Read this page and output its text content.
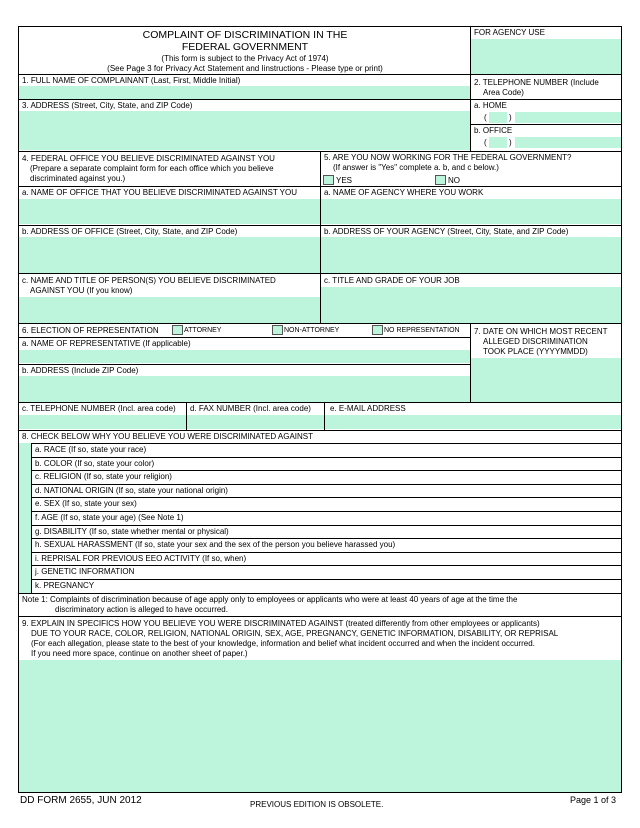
COMPLAINT OF DISCRIMINATION IN THE
FEDERAL GOVERNMENT
(This form is subject to the Privacy Act of 1974)
(See Page 3 for Privacy Act Statement and Iinstructions - Please type or print)
FOR AGENCY USE
1. FULL NAME OF COMPLAINANT (Last, First, Middle Initial)	2. TELEPHONE NUMBER (Include
Area Code)
a. HOME
(	)
b. OFFICE
(	)
3. ADDRESS (Street, City, State, and ZIP Code)
4. FEDERAL OFFICE YOU BELIEVE DISCRIMINATED AGAINST YOU
(Prepare a separate complaint form for each office which you believe
discriminated against you.)
5. ARE YOU NOW WORKING FOR THE FEDERAL GOVERNMENT?
(If answer is "Yes" complete a. b, and c below.)
YES	NO
a. NAME OF OFFICE THAT YOU BELIEVE DISCRIMINATED AGAINST YOU	a. NAME OF AGENCY WHERE YOU WORK
b. ADDRESS OF OFFICE (Street, City, State, and ZIP Code)	b. ADDRESS OF YOUR AGENCY (Street, City, State, and ZIP Code)
c. NAME AND TITLE OF PERSON(S) YOU BELIEVE DISCRIMINATED
AGAINST YOU (If you know)
c. TITLE AND GRADE OF YOUR JOB
6. ELECTION OF REPRESENTATION	ATTORNEY	NON-ATTORNEY	NO REPRESENTATION 7. DATE ON WHICH MOST RECENT
ALLEGED DISCRIMINATION
TOOK PLACE (YYYYMMDD)
a. NAME OF REPRESENTATIVE (If applicable)
b. ADDRESS (Include ZIP Code)
c. TELEPHONE NUMBER (Incl. area code) d. FAX NUMBER (Incl. area code) e. E-MAIL ADDRESS
8. CHECK BELOW WHY YOU BELIEVE YOU WERE DISCRIMINATED AGAINST
a. RACE (If so, state your race)
b. COLOR (If so, state your color)
c. RELIGION (If so, state your religion)
d. NATIONAL ORIGIN (If so, state your national origin)
e. SEX (If so, state your sex)
f. AGE (If so, state your age) (See Note 1)
g. DISABILITY (If so, state whether mental or physical)
h. SEXUAL HARASSMENT (If so, state your sex and the sex of the person you believe harassed you)
i. REPRISAL FOR PREVIOUS EEO ACTIVITY (If so, when)
j. GENETIC INFORMATION
k. PREGNANCY
Note 1: Complaints of discrimination because of age apply only to employees or applicants who were at least 40 years of age at the time the
discriminatory action is alleged to have occurred.
9. EXPLAIN IN SPECIFICS HOW YOU BELIEVE YOU WERE DISCRIMINATED AGAINST (treated differently from other employees or applicants)
DUE TO YOUR RACE, COLOR, RELIGION, NATIONAL ORIGIN, SEX, AGE, PREGNANCY, GENETIC INFORMATION, DISABILITY, OR REPRISAL
(For each allegation, please state to the best of your knowledge, information and belief what incident occurred and when the incident occurred.
If you need more space, continue on another sheet of paper.)
DD FORM 2655, JUN 2012	PREVIOUS EDITION IS OBSOLETE.	Page 1 of 3
